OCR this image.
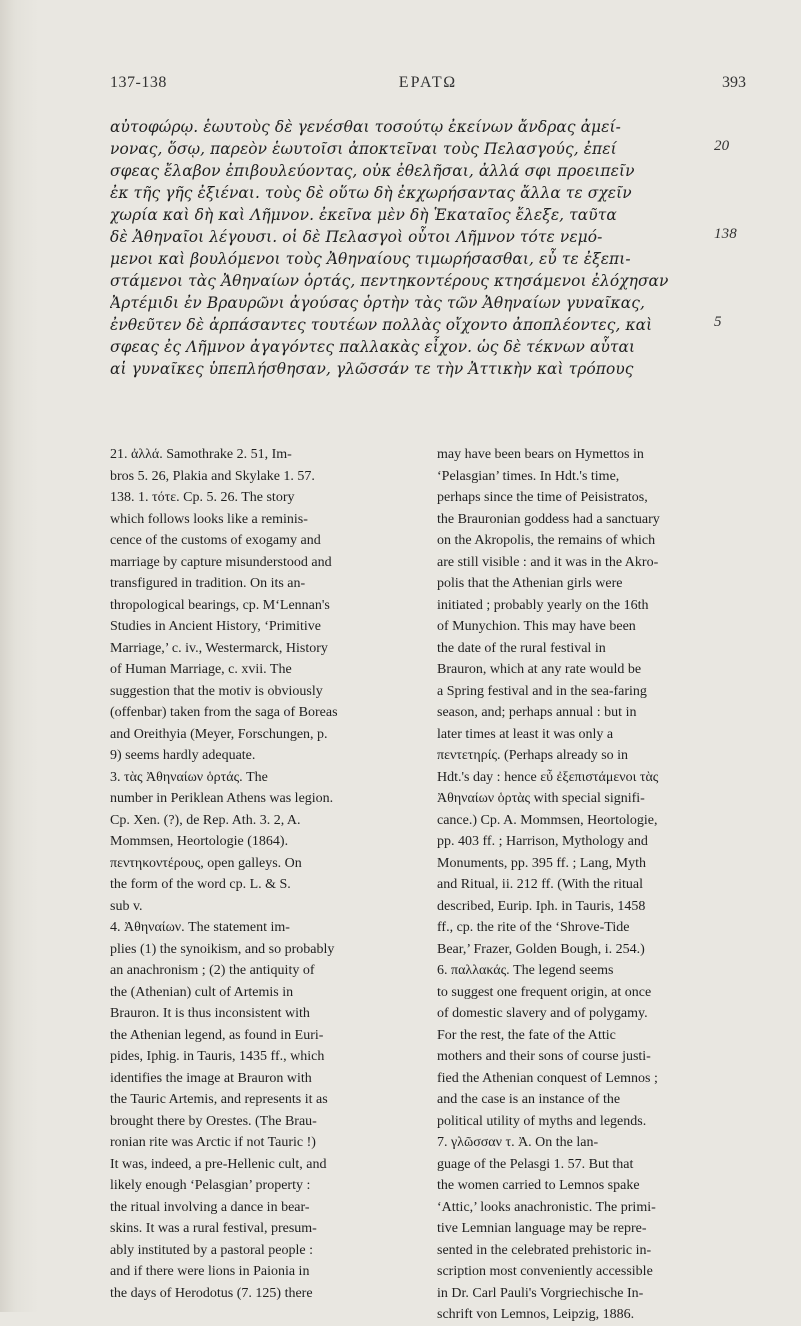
137-138	ΕΡΑΤΩ	393
αὐτοφώρῳ. ἑωυτοὺς δὲ γενέσθαι τοσούτῳ ἐκείνων ἄνδρας ἀμεί-
νονας, ὅσῳ, παρεὸν ἑωυτοῖσι ἀποκτεῖναι τοὺς Πελασγούς, ἐπεί
σφεας ἔλαβον ἐπιβουλεύοντας, οὐκ ἐθελῆσαι, ἀλλά σφι προειπεῖν
ἐκ τῆς γῆς ἐξιέναι. τοὺς δὲ οὕτω δὴ ἐκχωρήσαντας ἄλλα τε σχεῖν
χωρία καὶ δὴ καὶ Λῆμνον. ἐκεῖνα μὲν δὴ Ἑκαταῖος ἔλεξε, ταῦτα
δὲ Ἀθηναῖοι λέγουσι. οἱ δὲ Πελασγοὶ οὗτοι Λῆμνον τότε νεμό-
μενοι καὶ βουλόμενοι τοὺς Ἀθηναίους τιμωρήσασθαι, εὖ τε ἐξεπι-
στάμενοι τὰς Ἀθηναίων ὁρτάς, πεντηκοντέρους κτησάμενοι ἐλόχησαν
Ἀρτέμιδι ἐν Βραυρῶνι ἀγούσας ὁρτὴν τὰς τῶν Ἀθηναίων γυναῖκας,
ἐνθεῦτεν δὲ ἁρπάσαντες τουτέων πολλὰς οἴχοντο ἀποπλέοντες, καὶ
σφεας ἐς Λῆμνον ἀγαγόντες παλλακὰς εἶχον. ὡς δὲ τέκνων αὗται
αἱ γυναῖκες ὑπεπλήσθησαν, γλῶσσάν τε τὴν Ἀττικὴν καὶ τρόπους
20
138
5
21. ἀλλά. Samothrake 2. 51, Im-
bros 5. 26, Plakia and Skylake 1. 57.
138. 1. τότε. Cp. 5. 26. The story
which follows looks like a reminis-
cence of the customs of exogamy and
marriage by capture misunderstood and
transfigured in tradition. On its an-
thropological bearings, cp. M‘Lennan's
Studies in Ancient History, ‘Primitive
Marriage,’ c. iv., Westermarck, History
of Human Marriage, c. xvii. The
suggestion that the motiv is obviously
(offenbar) taken from the saga of Boreas
and Oreithyia (Meyer, Forschungen, p.
9) seems hardly adequate.
3. τὰς Ἀθηναίων ὁρτάς. The
number in Periklean Athens was legion.
Cp. Xen. (?), de Rep. Ath. 3. 2, A.
Mommsen, Heortologie (1864).
πεντηκοντέρους, open galleys. On
the form of the word cp. L. & S.
sub v.
4. Ἀθηναίων. The statement im-
plies (1) the synoikism, and so probably
an anachronism ; (2) the antiquity of
the (Athenian) cult of Artemis in
Brauron. It is thus inconsistent with
the Athenian legend, as found in Euri-
pides, Iphig. in Tauris, 1435 ff., which
identifies the image at Brauron with
the Tauric Artemis, and represents it as
brought there by Orestes. (The Brau-
ronian rite was Arctic if not Tauric !)
It was, indeed, a pre-Hellenic cult, and
likely enough ‘Pelasgian’ property :
the ritual involving a dance in bear-
skins. It was a rural festival, presum-
ably instituted by a pastoral people :
and if there were lions in Paionia in
the days of Herodotus (7. 125) there
may have been bears on Hymettos in
‘Pelasgian’ times. In Hdt.'s time,
perhaps since the time of Peisistratos,
the Brauronian goddess had a sanctuary
on the Akropolis, the remains of which
are still visible : and it was in the Akro-
polis that the Athenian girls were
initiated ; probably yearly on the 16th
of Munychion. This may have been
the date of the rural festival in
Brauron, which at any rate would be
a Spring festival and in the sea-faring
season, and; perhaps annual : but in
later times at least it was only a
πεντετηρίς. (Perhaps already so in
Hdt.'s day : hence εὖ ἐξεπιστάμενοι τὰς
Ἀθηναίων ὁρτὰς with special signifi-
cance.) Cp. A. Mommsen, Heortologie,
pp. 403 ff. ; Harrison, Mythology and
Monuments, pp. 395 ff. ; Lang, Myth
and Ritual, ii. 212 ff. (With the ritual
described, Eurip. Iph. in Tauris, 1458
ff., cp. the rite of the ‘Shrove-Tide
Bear,’ Frazer, Golden Bough, i. 254.)
6. παλλακάς. The legend seems
to suggest one frequent origin, at once
of domestic slavery and of polygamy.
For the rest, the fate of the Attic
mothers and their sons of course justi-
fied the Athenian conquest of Lemnos ;
and the case is an instance of the
political utility of myths and legends.
7. γλῶσσαν τ. Ἀ. On the lan-
guage of the Pelasgi 1. 57. But that
the women carried to Lemnos spake
‘Attic,’ looks anachronistic. The primi-
tive Lemnian language may be repre-
sented in the celebrated prehistoric in-
scription most conveniently accessible
in Dr. Carl Pauli's Vorgriechische In-
schrift von Lemnos, Leipzig, 1886.
